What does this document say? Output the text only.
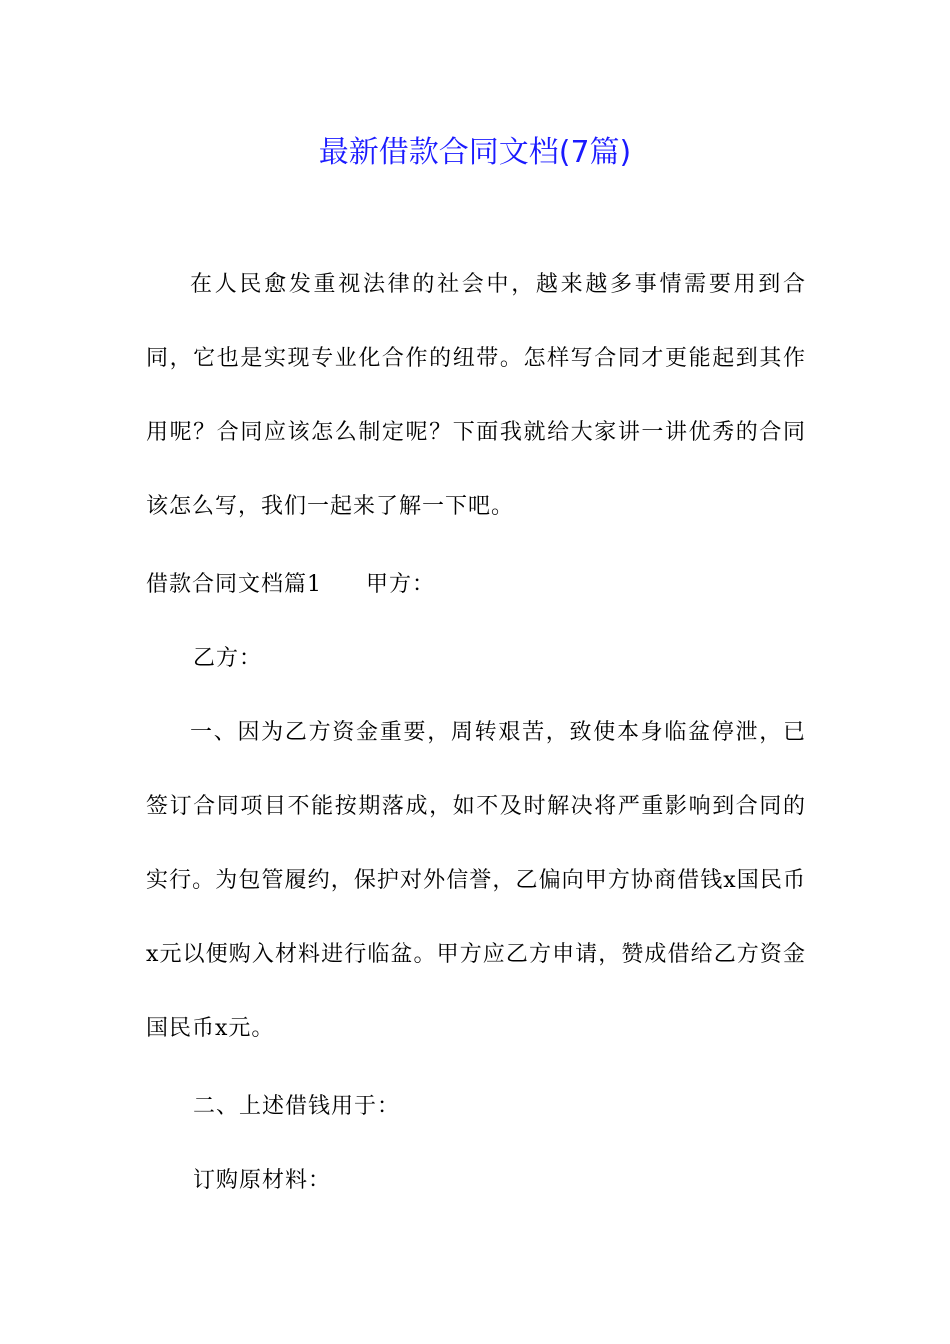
最新借款合同文档(7篇)

在人民愈发重视法律的社会中，越来越多事情需要用到合同，它也是实现专业化合作的纽带。怎样写合同才更能起到其作用呢？合同应该怎么制定呢？下面我就给大家讲一讲优秀的合同该怎么写，我们一起来了解一下吧。

借款合同文档篇1 甲方：

乙方：

一、因为乙方资金重要，周转艰苦，致使本身临盆停泄，已签订合同项目不能按期落成，如不及时解决将严重影响到合同的实行。为包管履约，保护对外信誉，乙偏向甲方协商借钱x国民币x元以便购入材料进行临盆。甲方应乙方申请，赞成借给乙方资金国民币x元。

二、上述借钱用于：

订购原材料：
